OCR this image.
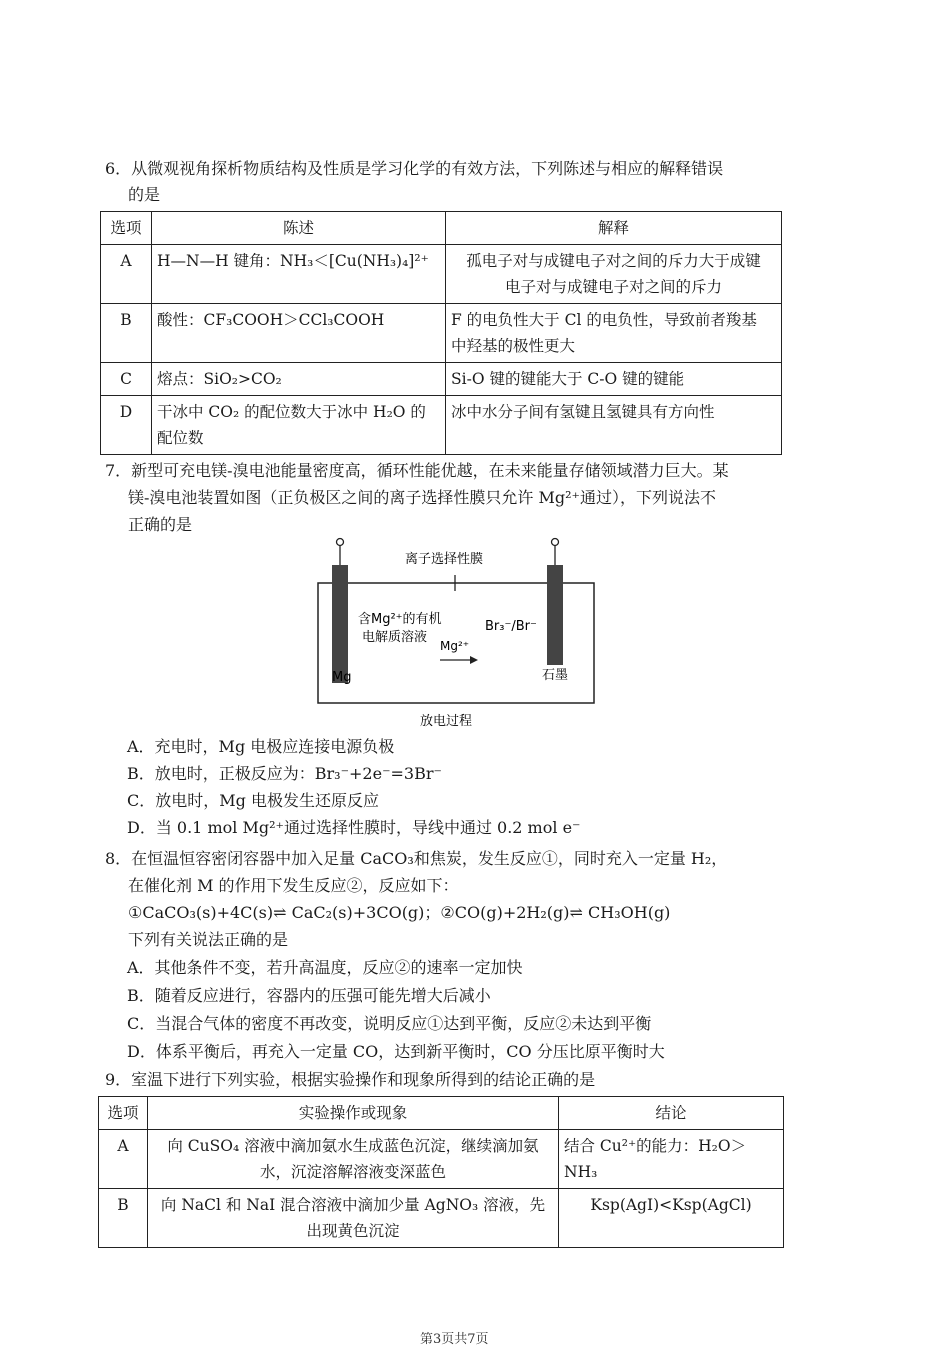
6．从微观视角探析物质结构及性质是学习化学的有效方法，下列陈述与相应的解释错误
的是
选项	陈述	解释
A	H—N—H 键角：NH₃＜[Cu(NH₃)₄]²⁺	孤电子对与成键电子对之间的斥力大于成键
电子对与成键电子对之间的斥力

B	酸性：CF₃COOH＞CCl₃COOH	F 的电负性大于 Cl 的电负性，导致前者羧基
中羟基的极性更大

C	熔点：SiO₂>CO₂	Si-O 键的键能大于 C-O 键的键能
D	干冰中 CO₂ 的配位数大于冰中 H₂O 的
配位数	冰中水分子间有氢键且氢键具有方向性
7．新型可充电镁-溴电池能量密度高，循环性能优越，在未来能量存储领域潜力巨大。某
镁-溴电池装置如图（正负极区之间的离子选择性膜只允许 Mg²⁺通过），下列说法不
正确的是
离子选择性膜
含Mg²⁺的有机
电解质溶液
Mg²⁺
Br₃⁻/Br⁻
Mg	石墨
放电过程
A．充电时，Mg 电极应连接电源负极
B．放电时，正极反应为：Br₃⁻+2e⁻=3Br⁻
C．放电时，Mg 电极发生还原反应
D．当 0.1 mol Mg²⁺通过选择性膜时，导线中通过 0.2 mol e⁻
8．在恒温恒容密闭容器中加入足量 CaCO₃和焦炭，发生反应①，同时充入一定量 H₂，
在催化剂 M 的作用下发生反应②，反应如下：
①CaCO₃(s)+4C(s)⇌ CaC₂(s)+3CO(g)；②CO(g)+2H₂(g)⇌ CH₃OH(g)
下列有关说法正确的是
A．其他条件不变，若升高温度，反应②的速率一定加快
B．随着反应进行，容器内的压强可能先增大后减小
C．当混合气体的密度不再改变，说明反应①达到平衡，反应②未达到平衡
D．体系平衡后，再充入一定量 CO，达到新平衡时，CO 分压比原平衡时大
9．室温下进行下列实验，根据实验操作和现象所得到的结论正确的是
选项	实验操作或现象	结论
A	向 CuSO₄ 溶液中滴加氨水生成蓝色沉淀，继续滴加氨
水，沉淀溶解溶液变深蓝色	结合 Cu²⁺的能力：H₂O＞NH₃
B	向 NaCl 和 NaI 混合溶液中滴加少量 AgNO₃ 溶液，先
出现黄色沉淀	Ksp(AgI)<Ksp(AgCl)
第3页共7页
